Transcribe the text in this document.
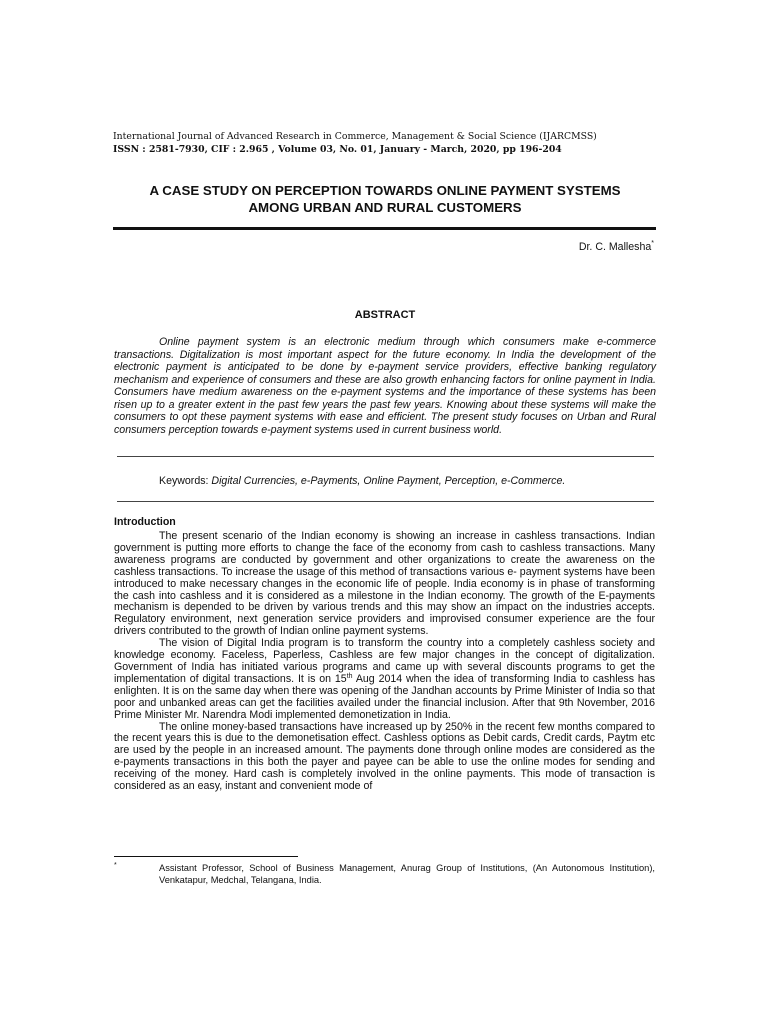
International Journal of Advanced Research in Commerce, Management & Social Science (IJARCMSS)
ISSN : 2581-7930, CIF : 2.965 , Volume 03, No. 01, January - March, 2020, pp 196-204
A CASE STUDY ON PERCEPTION TOWARDS ONLINE PAYMENT SYSTEMS
AMONG URBAN AND RURAL CUSTOMERS
Dr. C. Mallesha*
ABSTRACT

Online payment system is an electronic medium through which consumers make e-commerce transactions. Digitalization is most important aspect for the future economy. In India the development of the electronic payment is anticipated to be done by e-payment service providers, effective banking regulatory mechanism and experience of consumers and these are also growth enhancing factors for online payment in India. Consumers have medium awareness on the e-payment systems and the importance of these systems has been risen up to a greater extent in the past few years the past few years. Knowing about these systems will make the consumers to opt these payment systems with ease and efficient. The present study focuses on Urban and Rural consumers perception towards e-payment systems used in current business world.

Keywords: Digital Currencies, e-Payments, Online Payment, Perception, e-Commerce.
Introduction

The present scenario of the Indian economy is showing an increase in cashless transactions. Indian government is putting more efforts to change the face of the economy from cash to cashless transactions. Many awareness programs are conducted by government and other organizations to create the awareness on the cashless transactions. To increase the usage of this method of transactions various e- payment systems have been introduced to make necessary changes in the economic life of people. India economy is in phase of transforming the cash into cashless and it is considered as a milestone in the Indian economy. The growth of the E-payments mechanism is depended to be driven by various trends and this may show an impact on the industries accepts. Regulatory environment, next generation service providers and improvised consumer experience are the four drivers contributed to the growth of Indian online payment systems.

The vision of Digital India program is to transform the country into a completely cashless society and knowledge economy. Faceless, Paperless, Cashless are few major changes in the concept of digitalization. Government of India has initiated various programs and came up with several discounts programs to get the implementation of digital transactions. It is on 15th Aug 2014 when the idea of transforming India to cashless has enlighten. It is on the same day when there was opening of the Jandhan accounts by Prime Minister of India so that poor and unbanked areas can get the facilities availed under the financial inclusion. After that 9th November, 2016 Prime Minister Mr. Narendra Modi implemented demonetization in India.

The online money-based transactions have increased up by 250% in the recent few months compared to the recent years this is due to the demonetisation effect. Cashless options as Debit cards, Credit cards, Paytm etc are used by the people in an increased amount. The payments done through online modes are considered as the e-payments transactions in this both the payer and payee can be able to use the online modes for sending and receiving of the money. Hard cash is completely involved in the online payments. This mode of transaction is considered as an easy, instant and convenient mode of

*	Assistant Professor, School of Business Management, Anurag Group of Institutions, (An Autonomous Institution), Venkatapur, Medchal, Telangana, India.
